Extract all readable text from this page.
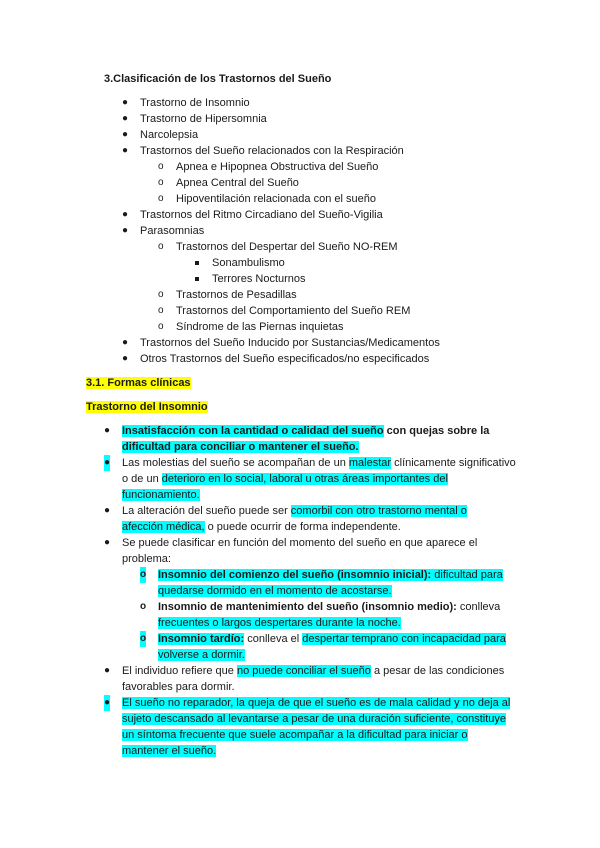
3.Clasificación de los Trastornos del Sueño
● Trastorno de Insomnio
● Trastorno de Hipersomnia
● Narcolepsia
● Trastornos del Sueño relacionados con la Respiración
o Apnea e Hipopnea Obstructiva del Sueño
o Apnea Central del Sueño
o Hipoventilación relacionada con el sueño
● Trastornos del Ritmo Circadiano del Sueño-Vigilia
● Parasomnias
o Trastornos del Despertar del Sueño NO-REM
Sonambulismo
Terrores Nocturnos
o Trastornos de Pesadillas
o Trastornos del Comportamiento del Sueño REM
o Síndrome de las Piernas inquietas
● Trastornos del Sueño Inducido por Sustancias/Medicamentos
● Otros Trastornos del Sueño especificados/no especificados
3.1. Formas clínicas
Trastorno del Insomnio
● Insatisfacción con la cantidad o calidad del sueño con quejas sobre la
dificultad para conciliar o mantener el sueño.
● Las molestias del sueño se acompañan de un malestar clínicamente significativo
o de un deterioro en lo social, laboral u otras áreas importantes del
funcionamiento.
● La alteración del sueño puede ser comorbil con otro trastorno mental o
afección médica, o puede ocurrir de forma independente.
● Se puede clasificar en función del momento del sueño en que aparece el
problema:
o Insomnio del comienzo del sueño (insomnio inicial): dificultad para
quedarse dormido en el momento de acostarse.
o Insomnio de mantenimiento del sueño (insomnio medio): conlleva
frecuentes o largos despertares durante la noche.
o Insomnio tardío: conlleva el despertar temprano con incapacidad para
volverse a dormir.
● El individuo refiere que no puede conciliar el sueño a pesar de las condiciones
favorables para dormir.
● El sueño no reparador, la queja de que el sueño es de mala calidad y no deja al
sujeto descansado al levantarse a pesar de una duración suficiente, constituye
un síntoma frecuente que suele acompañar a la dificultad para iniciar o
mantener el sueño.
